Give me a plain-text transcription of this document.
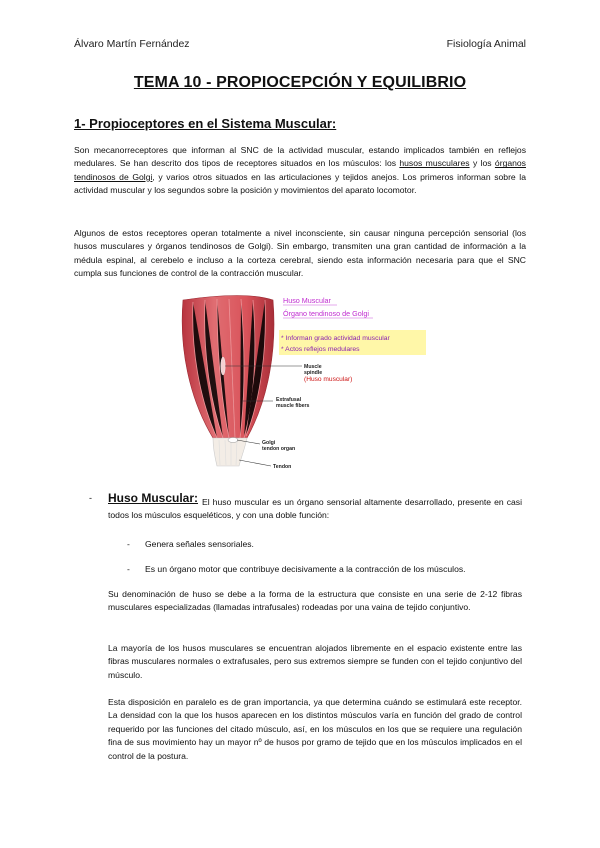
Álvaro Martín Fernández	Fisiología Animal
TEMA 10 - PROPIOCEPCIÓN Y EQUILIBRIO
1- Propioceptores en el Sistema Muscular:

Son mecanorreceptores que informan al SNC de la actividad muscular, estando implicados también en reflejos medulares. Se han descrito dos tipos de receptores situados en los músculos: los husos musculares y los órganos tendinosos de Golgi, y varios otros situados en las articulaciones y tejidos anejos. Los primeros informan sobre la actividad muscular y los segundos sobre la posición y movimientos del aparato locomotor.

Algunos de estos receptores operan totalmente a nivel inconsciente, sin causar ninguna percepción sensorial (los husos musculares y órganos tendinosos de Golgi). Sin embargo, transmiten una gran cantidad de información a la médula espinal, al cerebelo e incluso a la corteza cerebral, siendo esta información necesaria para que el SNC cumpla sus funciones de control de la contracción muscular.

Huso Muscular
Órgano tendinoso de Golgi
* Informan grado actividad muscular
* Actos reflejos medulares
Muscle
spindle
(Huso muscular)
Extrafusal
muscle fibers
Golgi
tendon organ
Tendon
- Huso Muscular: El huso muscular es un órgano sensorial altamente desarrollado, presente en casi todos los músculos esqueléticos, y con una doble función:

- Genera señales sensoriales.
- Es un órgano motor que contribuye decisivamente a la contracción de los músculos.

Su denominación de huso se debe a la forma de la estructura que consiste en una serie de 2-12 fibras musculares especializadas (llamadas intrafusales) rodeadas por una vaina de tejido conjuntivo.

La mayoría de los husos musculares se encuentran alojados libremente en el espacio existente entre las fibras musculares normales o extrafusales, pero sus extremos siempre se funden con el tejido conjuntivo del músculo.

Esta disposición en paralelo es de gran importancia, ya que determina cuándo se estimulará este receptor. La densidad con la que los husos aparecen en los distintos músculos varía en función del grado de control requerido por las funciones del citado músculo, así, en los músculos en los que se requiere una regulación fina de sus movimiento hay un mayor nº de husos por gramo de tejido que en los músculos implicados en el control de la postura.
